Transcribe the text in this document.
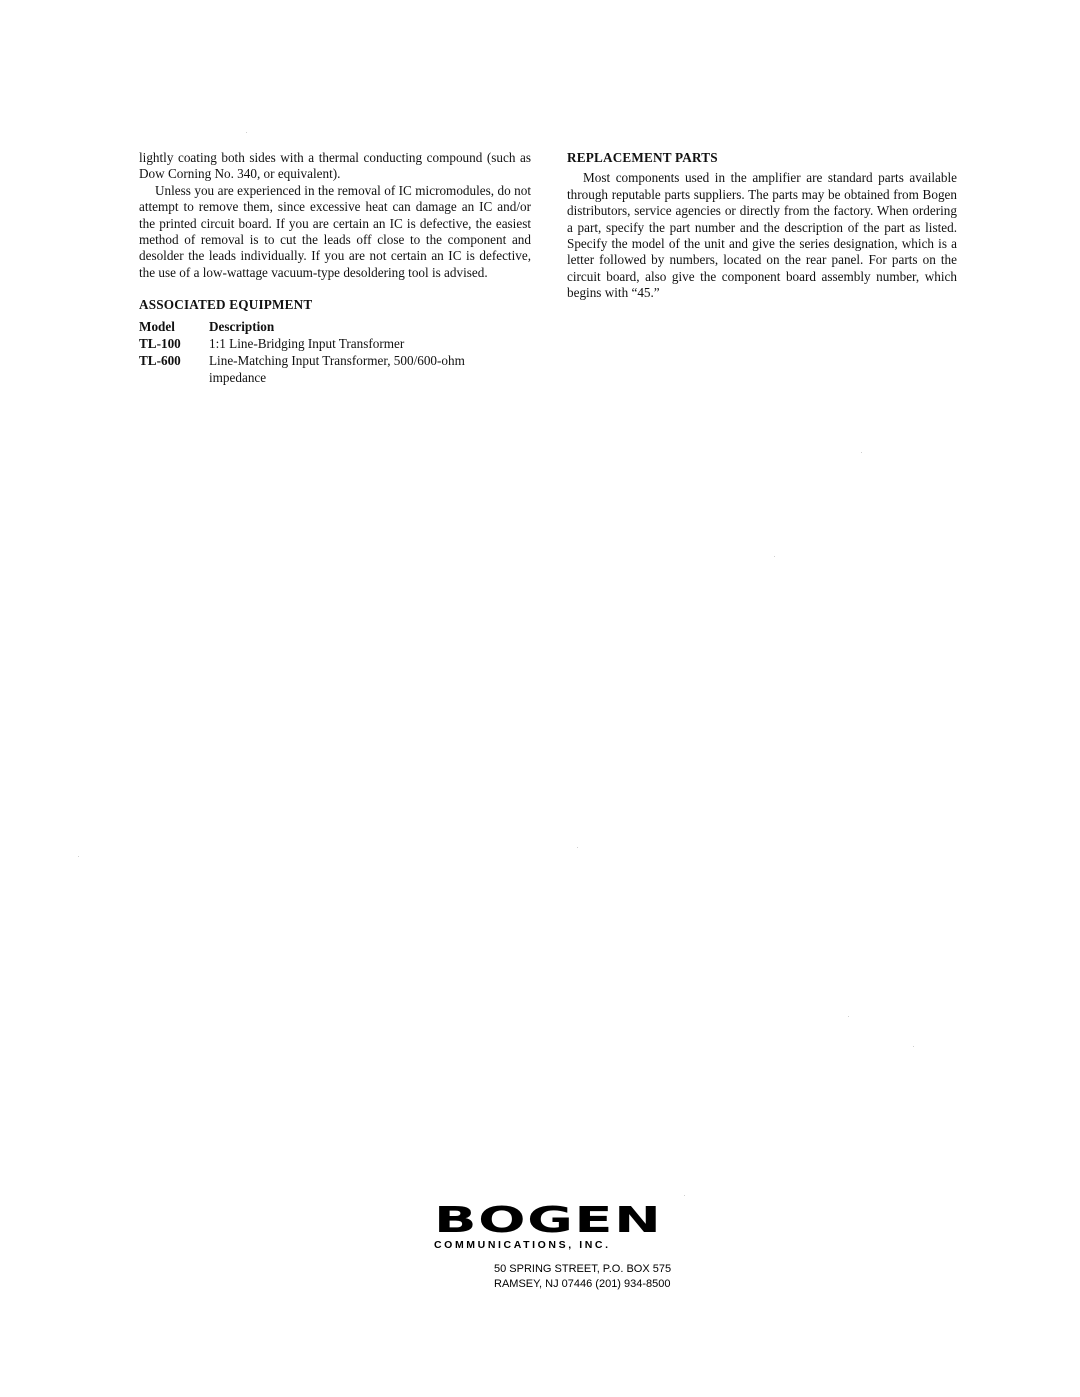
lightly coating both sides with a thermal conducting compound (such as Dow Corning No. 340, or equivalent).

Unless you are experienced in the removal of IC micromodules, do not attempt to remove them, since excessive heat can damage an IC and/or the printed circuit board. If you are certain an IC is defective, the easiest method of removal is to cut the leads off close to the component and desolder the leads individually. If you are not certain an IC is defective, the use of a low-wattage vacuum-type desoldering tool is advised.

ASSOCIATED EQUIPMENT
Model	Description
TL-100	1:1 Line-Bridging Input Transformer
TL-600	Line-Matching Input Transformer, 500/600-ohm impedance
REPLACEMENT PARTS

Most components used in the amplifier are standard parts available through reputable parts suppliers. The parts may be obtained from Bogen distributors, service agencies or directly from the factory. When ordering a part, specify the part number and the description of the part as listed. Specify the model of the unit and give the series designation, which is a letter followed by numbers, located on the rear panel. For parts on the circuit board, also give the component board assembly number, which begins with “45.”

BOGEN
COMMUNICATIONS, INC.
50 SPRING STREET, P.O. BOX 575
RAMSEY, NJ 07446 (201) 934-8500
